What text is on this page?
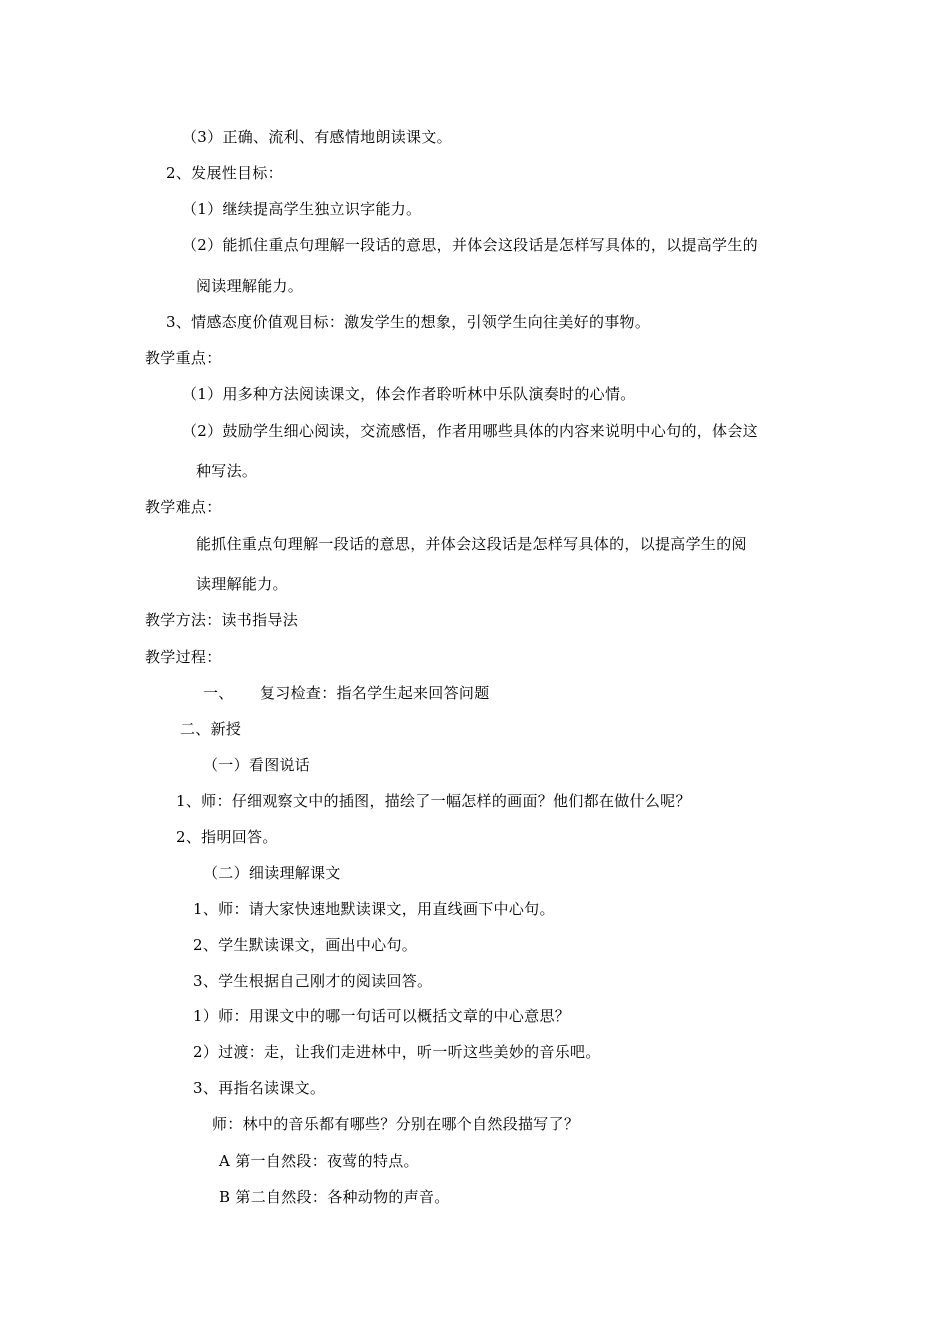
（3）正确、流利、有感情地朗读课文。
2、发展性目标：
（1）继续提高学生独立识字能力。
（2）能抓住重点句理解一段话的意思，并体会这段话是怎样写具体的，以提高学生的
阅读理解能力。
3、情感态度价值观目标：激发学生的想象，引领学生向往美好的事物。
教学重点：
（1）用多种方法阅读课文，体会作者聆听林中乐队演奏时的心情。
（2）鼓励学生细心阅读，交流感悟，作者用哪些具体的内容来说明中心句的，体会这
种写法。
教学难点：
能抓住重点句理解一段话的意思，并体会这段话是怎样写具体的，以提高学生的阅
读理解能力。
教学方法：读书指导法
教学过程：
一、 复习检查：指名学生起来回答问题
二、新授
（一）看图说话
1、师：仔细观察文中的插图，描绘了一幅怎样的画面？他们都在做什么呢？
2、指明回答。
（二）细读理解课文
1、师：请大家快速地默读课文，用直线画下中心句。
2、学生默读课文，画出中心句。
3、学生根据自己刚才的阅读回答。
1）师：用课文中的哪一句话可以概括文章的中心意思？
2）过渡：走，让我们走进林中，听一听这些美妙的音乐吧。
3、再指名读课文。
师：林中的音乐都有哪些？分别在哪个自然段描写了？
A 第一自然段：夜莺的特点。
B 第二自然段：各种动物的声音。
